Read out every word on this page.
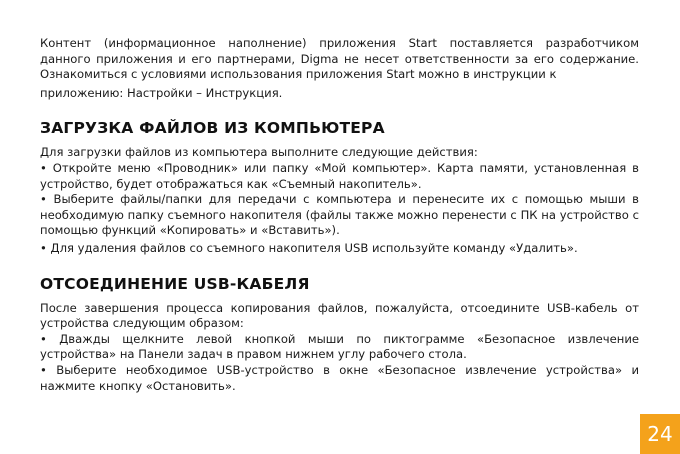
Контент (информационное наполнение) приложения Start поставляется разработчиком данного приложения и его партнерами, Digma не несет ответственности за его содержание. Ознакомиться с условиями использования приложения Start можно в инструкции к

приложению: Настройки – Инструкция.

ЗАГРУЗКА ФАЙЛОВ ИЗ КОМПЬЮТЕРА

Для загрузки файлов из компьютера выполните следующие действия:

• Откройте меню «Проводник» или папку «Мой компьютер». Карта памяти, установленная в устройство, будет отображаться как «Съемный накопитель».

• Выберите файлы/папки для передачи с компьютера и перенесите их с помощью мыши в необходимую папку съемного накопителя (файлы также можно перенести с ПК на устройство с помощью функций «Копировать» и «Вставить»).

• Для удаления файлов со съемного накопителя USB используйте команду «Удалить».

ОТСОЕДИНЕНИЕ USB-КАБЕЛЯ

После завершения процесса копирования файлов, пожалуйста, отсоедините USB-кабель от устройства следующим образом:

• Дважды щелкните левой кнопкой мыши по пиктограмме «Безопасное извлечение устройства» на Панели задач в правом нижнем углу рабочего стола.

• Выберите необходимое USB-устройство в окне «Безопасное извлечение устройства» и нажмите кнопку «Остановить».

24
